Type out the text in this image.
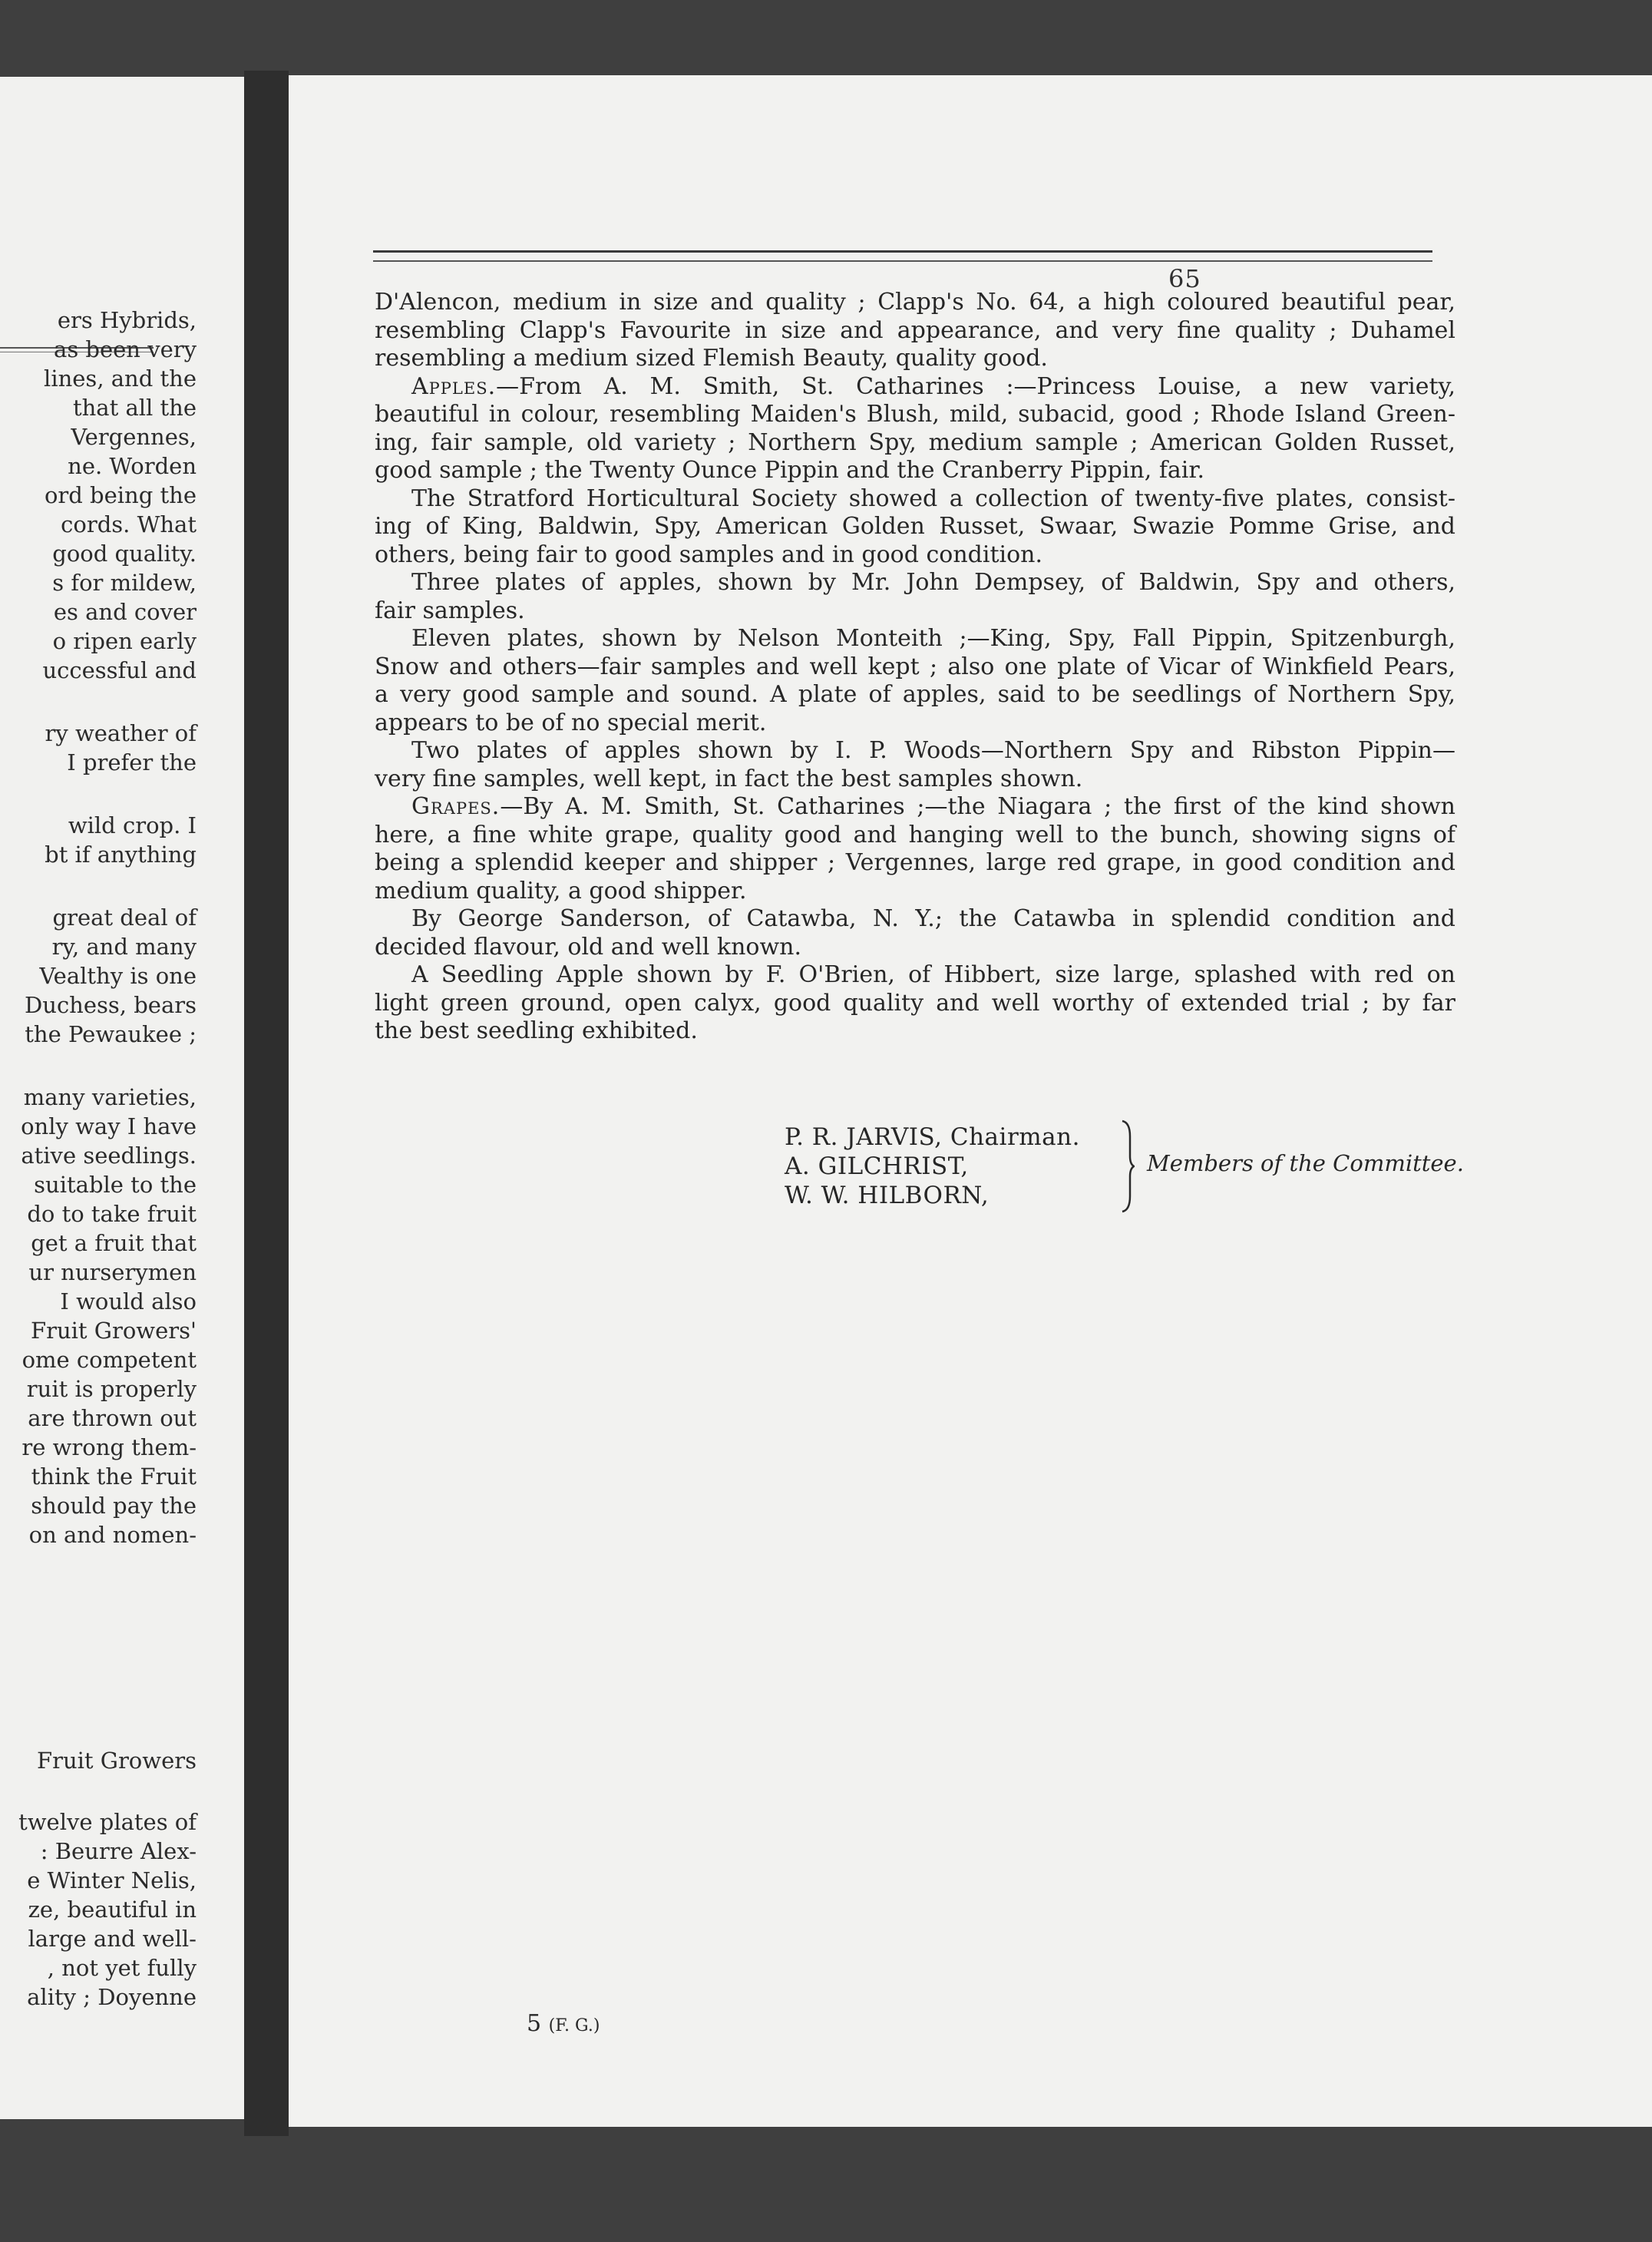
ers Hybrids,
as been very
lines, and the
that all the
Vergennes,
ne. Worden
ord being the
cords. What
good quality.
s for mildew,
es and cover
o ripen early
uccessful and
ry weather of
I prefer the
wild crop. I
bt if anything
great deal of
ry, and many
Vealthy is one
Duchess, bears
the Pewaukee ;
many varieties,
only way I have
ative seedlings.
suitable to the
do to take fruit
get a fruit that
ur nurserymen
I would also
Fruit Growers'
ome competent
ruit is properly
are thrown out
re wrong them-
think the Fruit
should pay the
on and nomen-
Fruit Growers
twelve plates of
: Beurre Alex-
e Winter Nelis,
ze, beautiful in
large and well-
, not yet fully
ality ; Doyenne
65
D'Alencon, medium in size and quality ; Clapp's No. 64, a high coloured beautiful pear,
resembling Clapp's Favourite in size and appearance, and very fine quality ; Duhamel
resembling a medium sized Flemish Beauty, quality good.
Apples.—From A. M. Smith, St. Catharines :—Princess Louise, a new variety,
beautiful in colour, resembling Maiden's Blush, mild, subacid, good ; Rhode Island Green-
ing, fair sample, old variety ; Northern Spy, medium sample ; American Golden Russet,
good sample ; the Twenty Ounce Pippin and the Cranberry Pippin, fair.
The Stratford Horticultural Society showed a collection of twenty-five plates, consist-
ing of King, Baldwin, Spy, American Golden Russet, Swaar, Swazie Pomme Grise, and
others, being fair to good samples and in good condition.
Three plates of apples, shown by Mr. John Dempsey, of Baldwin, Spy and others,
fair samples.
Eleven plates, shown by Nelson Monteith ;—King, Spy, Fall Pippin, Spitzenburgh,
Snow and others—fair samples and well kept ; also one plate of Vicar of Winkfield Pears,
a very good sample and sound. A plate of apples, said to be seedlings of Northern Spy,
appears to be of no special merit.
Two plates of apples shown by I. P. Woods—Northern Spy and Ribston Pippin—
very fine samples, well kept, in fact the best samples shown.
Grapes.—By A. M. Smith, St. Catharines ;—the Niagara ; the first of the kind shown
here, a fine white grape, quality good and hanging well to the bunch, showing signs of
being a splendid keeper and shipper ; Vergennes, large red grape, in good condition and
medium quality, a good shipper.
By George Sanderson, of Catawba, N. Y.; the Catawba in splendid condition and
decided flavour, old and well known.
A Seedling Apple shown by F. O'Brien, of Hibbert, size large, splashed with red on
light green ground, open calyx, good quality and well worthy of extended trial ; by far
the best seedling exhibited.
P. R. JARVIS, Chairman.
A. GILCHRIST,
W. W. HILBORN,
Members of the Committee.
5 (F. G.)
